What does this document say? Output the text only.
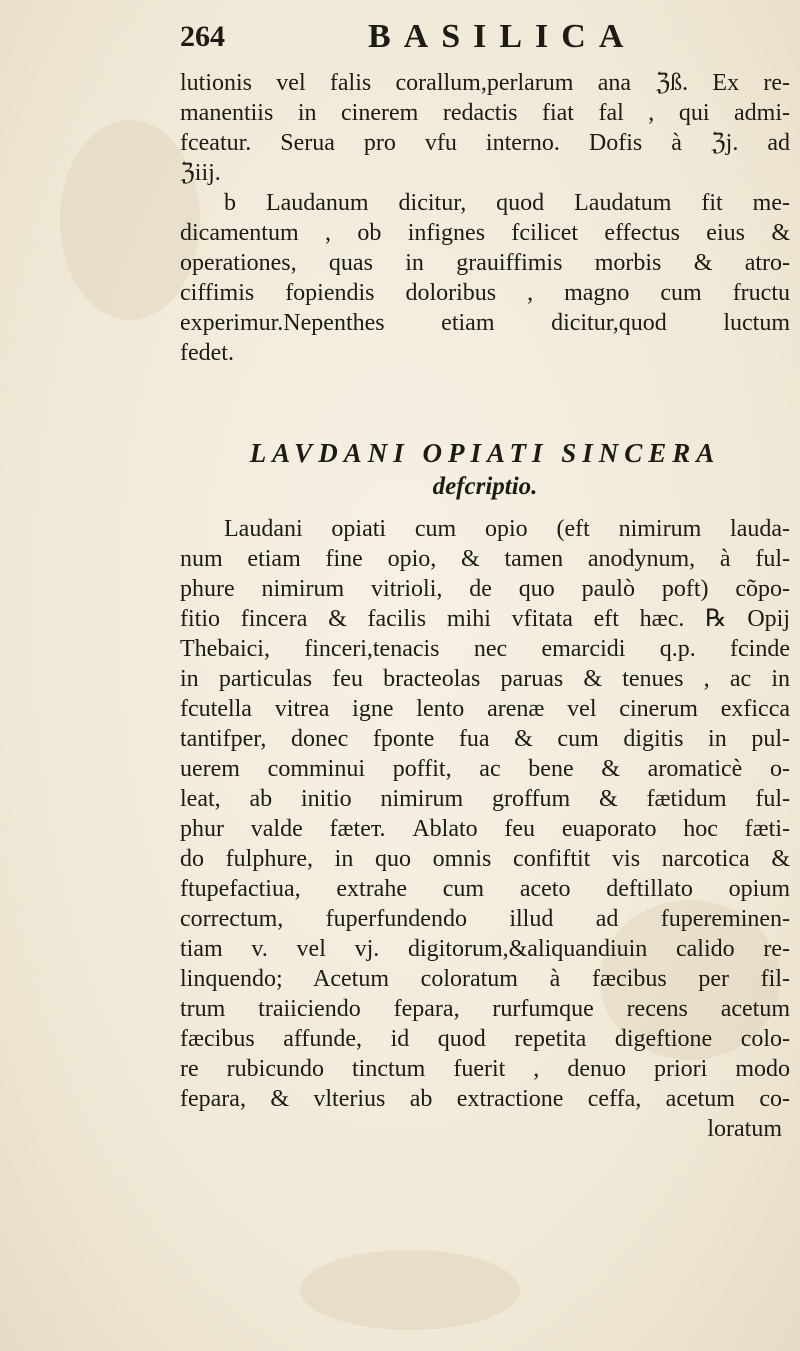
264	BASILICA
lutionis vel falis corallum,perlarum ana ℨß. Ex re-
manentiis in cinerem redactis fiat fal , qui admi-
fceatur. Serua pro vfu interno. Dofis à ℨj. ad
ℨiij.
b Laudanum dicitur, quod Laudatum fit me-
dicamentum , ob infignes fcilicet effectus eius &
operationes, quas in grauiffimis morbis & atro-
ciffimis fopiendis doloribus , magno cum fructu
experimur.Nepenthes etiam dicitur,quod luctum
fedet.
LAVDANI OPIATI SINCERA
defcriptio.
Laudani opiati cum opio (eft nimirum lauda-
num etiam fine opio, & tamen anodynum, à ful-
phure nimirum vitrioli, de quo paulò poft) cõpo-
fitio fincera & facilis mihi vfitata eft hæc. ℞ Opij
Thebaici, finceri,tenacis nec emarcidi q.p. fcinde
in particulas feu bracteolas paruas & tenues , ac in
fcutella vitrea igne lento arenæ vel cinerum exficca
tantifper, donec fponte fua & cum digitis in pul-
uerem comminui poffit, ac bene & aromaticè o-
leat, ab initio nimirum groffum & fætidum ful-
phur valde fæteт. Ablato feu euaporato hoc fæti-
do fulphure, in quo omnis confiftit vis narcotica &
ftupefactiua, extrahe cum aceto deftillato opium
correctum, fuperfundendo illud ad fupereminen-
tiam v. vel vj. digitorum,&aliquandiuin calido re-
linquendo; Acetum coloratum à fæcibus per fil-
trum traiiciendo fepara, rurfumque recens acetum
fæcibus affunde, id quod repetita digeftione colo-
re rubicundo tinctum fuerit , denuo priori modo
fepara, & vlterius ab extractione ceffa, acetum co-
loratum
